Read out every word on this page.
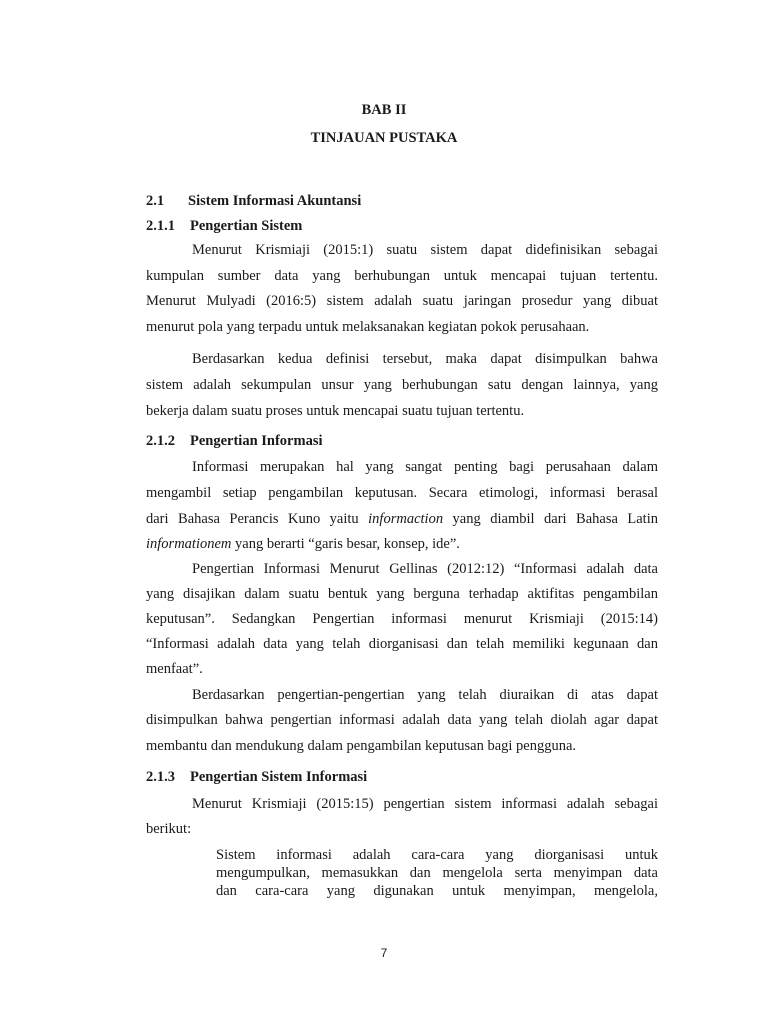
BAB II
TINJAUAN PUSTAKA
2.1 Sistem Informasi Akuntansi
2.1.1 Pengertian Sistem
Menurut Krismiaji (2015:1) suatu sistem dapat didefinisikan sebagai
kumpulan sumber data yang berhubungan untuk mencapai tujuan tertentu.
Menurut Mulyadi (2016:5) sistem adalah suatu jaringan prosedur yang dibuat
menurut pola yang terpadu untuk melaksanakan kegiatan pokok perusahaan.
Berdasarkan kedua definisi tersebut, maka dapat disimpulkan bahwa
sistem adalah sekumpulan unsur yang berhubungan satu dengan lainnya, yang
bekerja dalam suatu proses untuk mencapai suatu tujuan tertentu.
2.1.2 Pengertian Informasi
Informasi merupakan hal yang sangat penting bagi perusahaan dalam
mengambil setiap pengambilan keputusan. Secara etimologi, informasi berasal
dari Bahasa Perancis Kuno yaitu informaction yang diambil dari Bahasa Latin
informationem yang berarti “garis besar, konsep, ide”.
Pengertian Informasi Menurut Gellinas (2012:12) “Informasi adalah data
yang disajikan dalam suatu bentuk yang berguna terhadap aktifitas pengambilan
keputusan”. Sedangkan Pengertian informasi menurut Krismiaji (2015:14)
“Informasi adalah data yang telah diorganisasi dan telah memiliki kegunaan dan
menfaat”.
Berdasarkan pengertian-pengertian yang telah diuraikan di atas dapat
disimpulkan bahwa pengertian informasi adalah data yang telah diolah agar dapat
membantu dan mendukung dalam pengambilan keputusan bagi pengguna.
2.1.3 Pengertian Sistem Informasi
Menurut Krismiaji (2015:15) pengertian sistem informasi adalah sebagai
berikut:
Sistem informasi adalah cara-cara yang diorganisasi untuk
mengumpulkan, memasukkan dan mengelola serta menyimpan data
dan cara-cara yang digunakan untuk menyimpan, mengelola,
7
